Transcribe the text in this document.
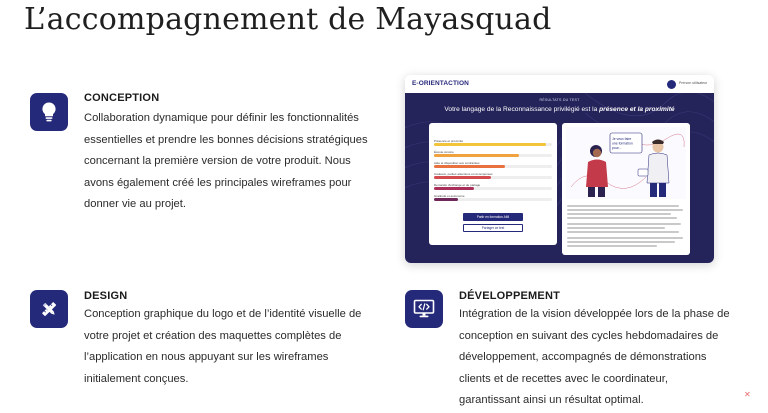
L’accompagnement de Mayasquad
CONCEPTION
Collaboration dynamique pour définir les fonctionnalités
essentielles et prendre les bonnes décisions stratégiques
concernant la première version de votre produit. Nous
avons également créé les principales wireframes pour
donner vie au projet.
E-ORIENTACTION	Prénom utilisateur
RÉSULTATS DU TEST
Votre langage de la Reconnaissance privilégié est la présence et la proximité
Présence et proximité
Écoute sincère
Aide et disposition aux contraintes
Cadeaux, petites attentions et récompenses
Demande d’échange et de partage
Gratitude et autonomie
Partir en formation AMI
Partager ce test
Je veux faire une formation pour...
DESIGN
Conception graphique du logo et de l’identité visuelle de
votre projet et création des maquettes complètes de
l’application en nous appuyant sur les wireframes
initialement conçues.
DÉVELOPPEMENT
Intégration de la vision développée lors de la phase de
conception en suivant des cycles hebdomadaires de
développement, accompagnés de démonstrations
clients et de recettes avec le coordinateur,
garantissant ainsi un résultat optimal.	✕
